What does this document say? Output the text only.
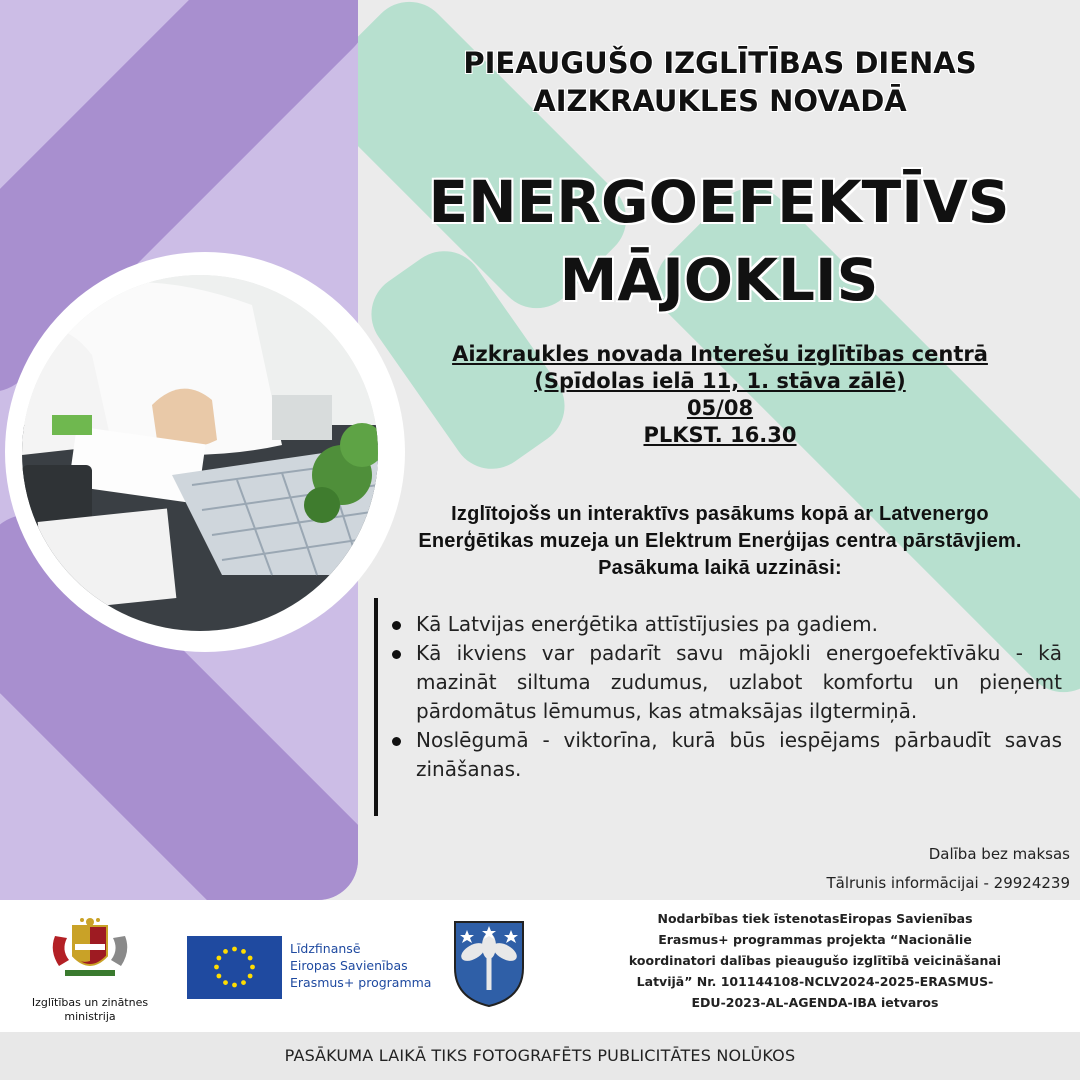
PIEAUGUŠO IZGLĪTĪBAS DIENAS
AIZKRAUKLES NOVADĀ
ENERGOEFEKTĪVS
MĀJOKLIS
Aizkraukles novada Interešu izglītības centrā
(Spīdolas ielā 11, 1. stāva zālē)
05/08
PLKST. 16.30
Izglītojošs un interaktīvs pasākums kopā ar Latvenergo
Enerģētikas muzeja un Elektrum Enerģijas centra pārstāvjiem.
Pasākuma laikā uzzināsi:
Kā Latvijas enerģētika attīstījusies pa gadiem.
Kā ikviens var padarīt savu mājokli energoefektīvāku - kā mazināt siltuma zudumus, uzlabot komfortu un pieņemt pārdomātus lēmumus, kas atmaksājas ilgtermiņā.
Noslēgumā - viktorīna, kurā būs iespējams pārbaudīt savas zināšanas.
Dalība bez maksas
Tālrunis informācijai - 29924239
Izglītības un zinātnes ministrija
Līdzfinansē
Eiropas Savienības
Erasmus+ programma
Nodarbības tiek īstenotasEiropas Savienības
Erasmus+ programmas projekta “Nacionālie
koordinatori dalības pieaugušo izglītībā veicināšanai
Latvijā” Nr. 101144108-NCLV2024-2025-ERASMUS-
EDU-2023-AL-AGENDA-IBA ietvaros
PASĀKUMA LAIKĀ TIKS FOTOGRAFĒTS PUBLICITĀTES NOLŪKOS
